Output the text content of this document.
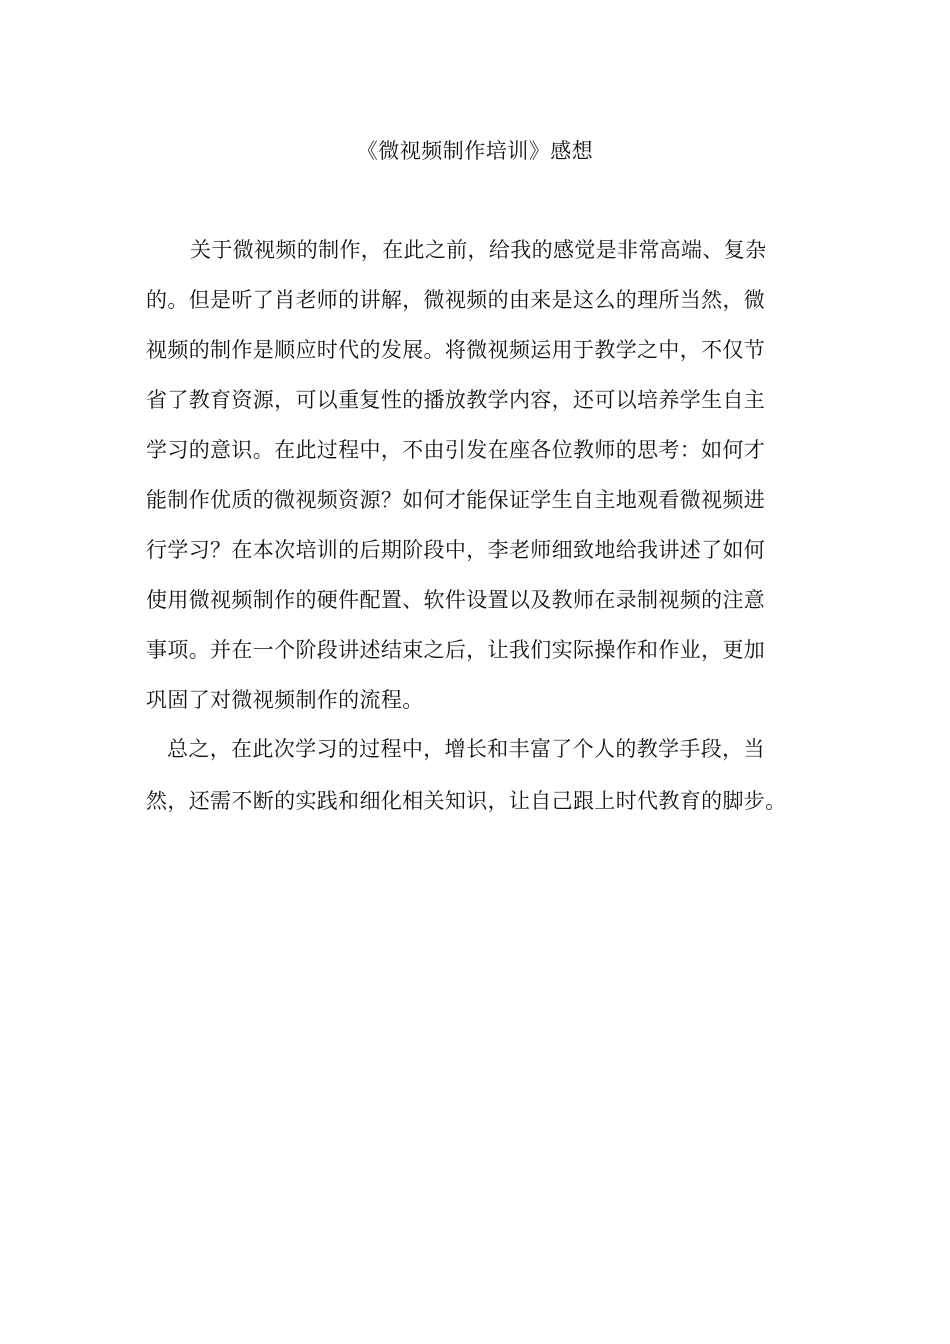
《微视频制作培训》感想
关于微视频的制作，在此之前，给我的感觉是非常高端、复杂
的。但是听了肖老师的讲解，微视频的由来是这么的理所当然，微
视频的制作是顺应时代的发展。将微视频运用于教学之中，不仅节
省了教育资源，可以重复性的播放教学内容，还可以培养学生自主
学习的意识。在此过程中，不由引发在座各位教师的思考：如何才
能制作优质的微视频资源？如何才能保证学生自主地观看微视频进
行学习？在本次培训的后期阶段中，李老师细致地给我讲述了如何
使用微视频制作的硬件配置、软件设置以及教师在录制视频的注意
事项。并在一个阶段讲述结束之后，让我们实际操作和作业，更加
巩固了对微视频制作的流程。
总之，在此次学习的过程中，增长和丰富了个人的教学手段，当
然，还需不断的实践和细化相关知识，让自己跟上时代教育的脚步。
